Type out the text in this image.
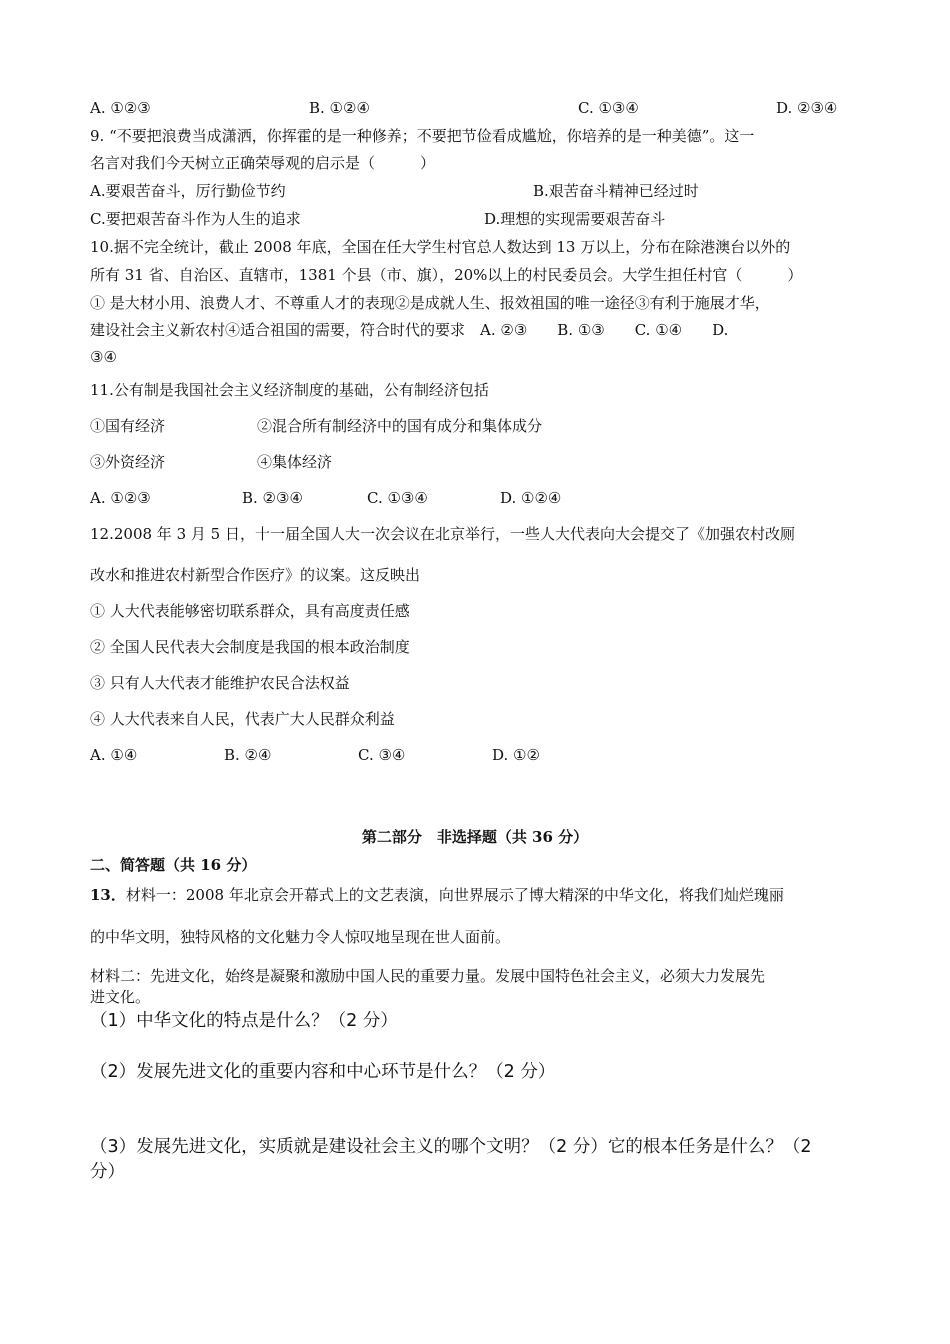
A. ①②③	B. ①②④	C. ①③④	D. ②③④
9. “不要把浪费当成潇洒，你挥霍的是一种修养；不要把节俭看成尴尬，你培养的是一种美德”。这一
名言对我们今天树立正确荣辱观的启示是（　　　）
A.要艰苦奋斗，厉行勤俭节约	B.艰苦奋斗精神已经过时
C.要把艰苦奋斗作为人生的追求	D.理想的实现需要艰苦奋斗
10.据不完全统计，截止 2008 年底，全国在任大学生村官总人数达到 13 万以上，分布在除港澳台以外的
所有 31 省、自治区、直辖市，1381 个县（市、旗），20%以上的村民委员会。大学生担任村官（　　　）
① 是大材小用、浪费人才、不尊重人才的表现②是成就人生、报效祖国的唯一途径③有利于施展才华，
建设社会主义新农村④适合祖国的需要，符合时代的要求　A. ②③　　B. ①③　　C. ①④　　D.
③④
11.公有制是我国社会主义经济制度的基础，公有制经济包括
①国有经济	②混合所有制经济中的国有成分和集体成分
③外资经济	④集体经济
A. ①②③	B. ②③④	C. ①③④	D. ①②④
12.2008 年 3 月 5 日，十一届全国人大一次会议在北京举行，一些人大代表向大会提交了《加强农村改厕
改水和推进农村新型合作医疗》的议案。这反映出
① 人大代表能够密切联系群众，具有高度责任感
② 全国人民代表大会制度是我国的根本政治制度
③ 只有人大代表才能维护农民合法权益
④ 人大代表来自人民，代表广大人民群众利益
A. ①④	B. ②④	C. ③④	D. ①②
第二部分　非选择题（共 36 分）
二、简答题（共 16 分）
13．材料一：2008 年北京会开幕式上的文艺表演，向世界展示了博大精深的中华文化，将我们灿烂瑰丽
的中华文明，独特风格的文化魅力令人惊叹地呈现在世人面前。
材料二：先进文化，始终是凝聚和激励中国人民的重要力量。发展中国特色社会主义，必须大力发展先
进文化。
（1）中华文化的特点是什么？（2 分）
（2）发展先进文化的重要内容和中心环节是什么？（2 分）
（3）发展先进文化，实质就是建设社会主义的哪个文明？（2 分）它的根本任务是什么？（2
分）
